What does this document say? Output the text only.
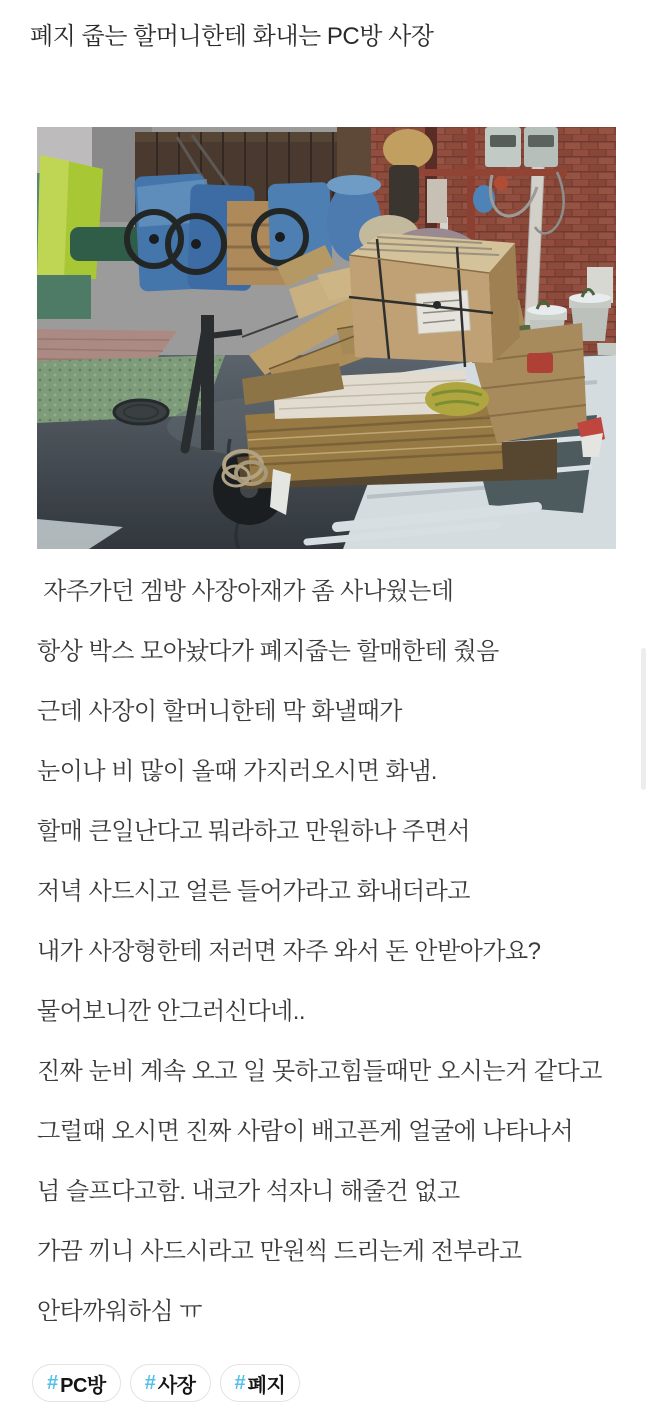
폐지 줍는 할머니한테 화내는 PC방 사장
자주가던 겜방 사장아재가 좀 사나웠는데
항상 박스 모아놨다가 폐지줍는 할매한테 줬음
근데 사장이 할머니한테 막 화낼때가
눈이나 비 많이 올때 가지러오시면 화냄.
할매 큰일난다고 뭐라하고 만원하나 주면서
저녁 사드시고 얼른 들어가라고 화내더라고
내가 사장형한테 저러면 자주 와서 돈 안받아가요?
물어보니깐 안그러신다네..
진짜 눈비 계속 오고 일 못하고힘들때만 오시는거 같다고
그럴때 오시면 진짜 사람이 배고픈게 얼굴에 나타나서
넘 슬프다고함. 내코가 석자니 해줄건 없고
가끔 끼니 사드시라고 만원씩 드리는게 전부라고
안타까워하심 ㅠ
# PC방 # 사장 # 폐지
